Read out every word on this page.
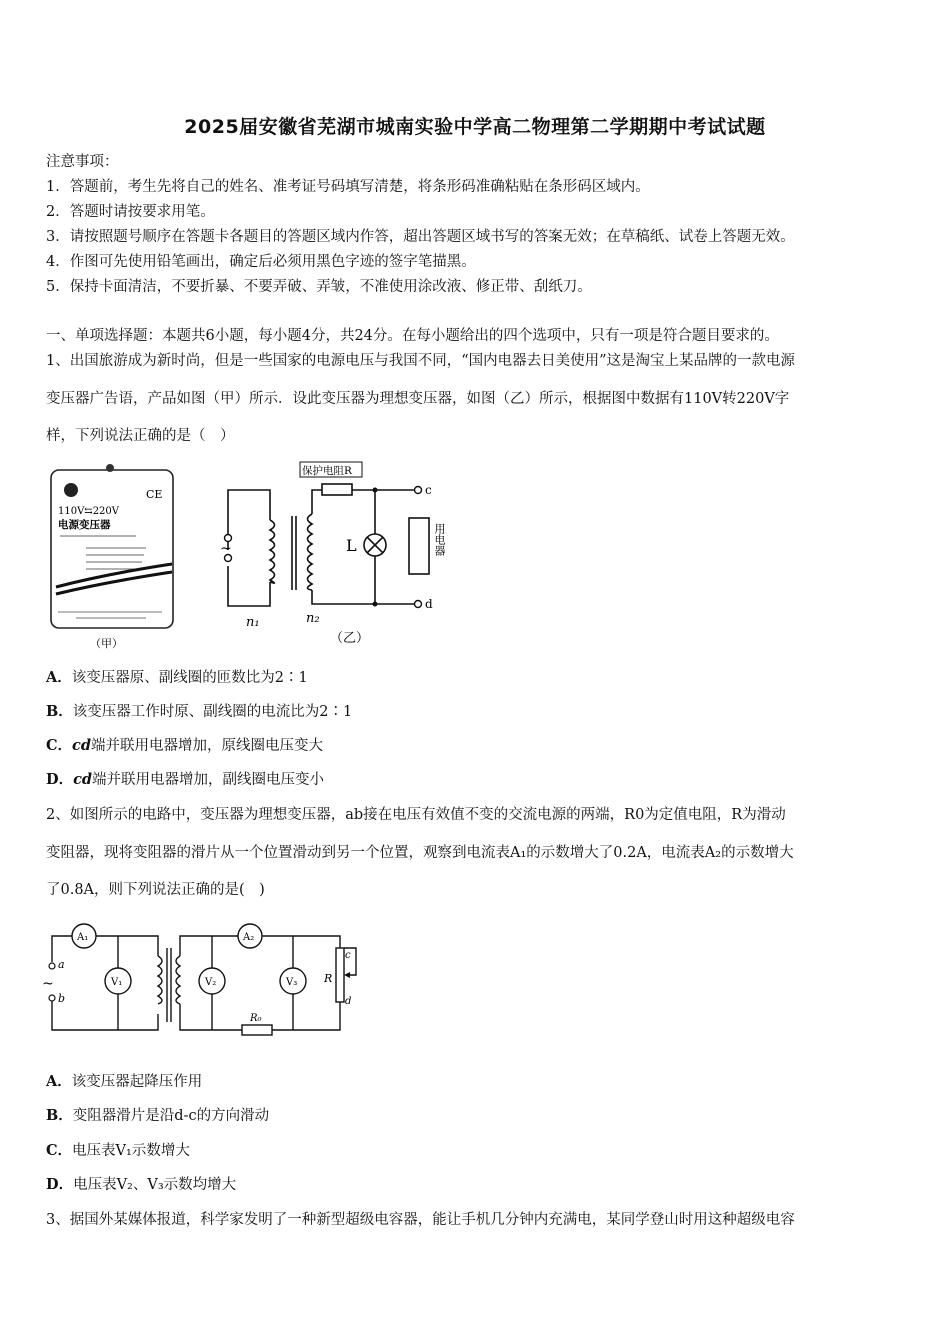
2025届安徽省芜湖市城南实验中学高二物理第二学期期中考试试题
注意事项：
1．答题前，考生先将自己的姓名、准考证号码填写清楚，将条形码准确粘贴在条形码区域内。
2．答题时请按要求用笔。
3．请按照题号顺序在答题卡各题目的答题区域内作答，超出答题区域书写的答案无效；在草稿纸、试卷上答题无效。
4．作图可先使用铅笔画出，确定后必须用黑色字迹的签字笔描黑。
5．保持卡面清洁，不要折暴、不要弄破、弄皱，不准使用涂改液、修正带、刮纸刀。
一、单项选择题：本题共6小题，每小题4分，共24分。在每小题给出的四个选项中，只有一项是符合题目要求的。
1、出国旅游成为新时尚，但是一些国家的电源电压与我国不同，“国内电器去日美使用”这是淘宝上某品牌的一款电源
变压器广告语，产品如图（甲）所示．设此变压器为理想变压器，如图（乙）所示，根据图中数据有110V转220V字
样，下列说法正确的是（　）
CE
110V⇆220V
电源变压器
（甲）
保护电阻R
L
c
d
~
用电器
n₁	n₂
（乙）
A．该变压器原、副线圈的匝数比为2∶1
B．该变压器工作时原、副线圈的电流比为2∶1
C．cd端并联用电器增加，原线圈电压变大
D．cd端并联用电器增加，副线圈电压变小
2、如图所示的电路中，变压器为理想变压器，ab接在电压有效值不变的交流电源的两端，R0为定值电阻，R为滑动
变阻器，现将变阻器的滑片从一个位置滑动到另一个位置，观察到电流表A₁的示数增大了0.2A，电流表A₂的示数增大
了0.8A，则下列说法正确的是(　)
A₁	A₂
V₁	V₂	V₃ R
R₀
a
b
c
d
~
A．该变压器起降压作用
B．变阻器滑片是沿d-c的方向滑动
C．电压表V₁示数增大
D．电压表V₂、V₃示数均增大
3、据国外某媒体报道，科学家发明了一种新型超级电容器，能让手机几分钟内充满电，某同学登山时用这种超级电容
